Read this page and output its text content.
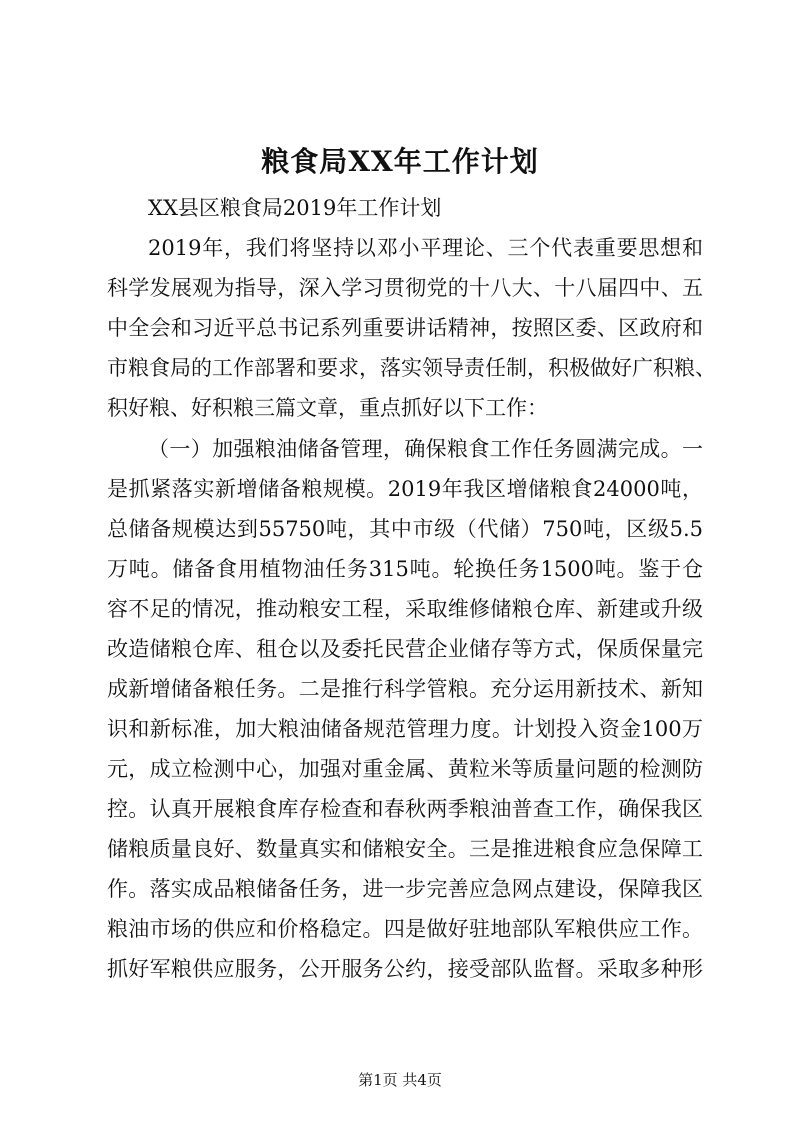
粮食局XX年工作计划
XX县区粮食局2019年工作计划
2019年，我们将坚持以邓小平理论、三个代表重要思想和
科学发展观为指导，深入学习贯彻党的十八大、十八届四中、五
中全会和习近平总书记系列重要讲话精神，按照区委、区政府和
市粮食局的工作部署和要求，落实领导责任制，积极做好广积粮、
积好粮、好积粮三篇文章，重点抓好以下工作：
（一）加强粮油储备管理，确保粮食工作任务圆满完成。一
是抓紧落实新增储备粮规模。2019年我区增储粮食24000吨，
总储备规模达到55750吨，其中市级（代储）750吨，区级5.5
万吨。储备食用植物油任务315吨。轮换任务1500吨。鉴于仓
容不足的情况，推动粮安工程，采取维修储粮仓库、新建或升级
改造储粮仓库、租仓以及委托民营企业储存等方式，保质保量完
成新增储备粮任务。二是推行科学管粮。充分运用新技术、新知
识和新标准，加大粮油储备规范管理力度。计划投入资金100万
元，成立检测中心，加强对重金属、黄粒米等质量问题的检测防
控。认真开展粮食库存检查和春秋两季粮油普查工作，确保我区
储粮质量良好、数量真实和储粮安全。三是推进粮食应急保障工
作。落实成品粮储备任务，进一步完善应急网点建设，保障我区
粮油市场的供应和价格稳定。四是做好驻地部队军粮供应工作。
抓好军粮供应服务，公开服务公约，接受部队监督。采取多种形
第1页 共4页
